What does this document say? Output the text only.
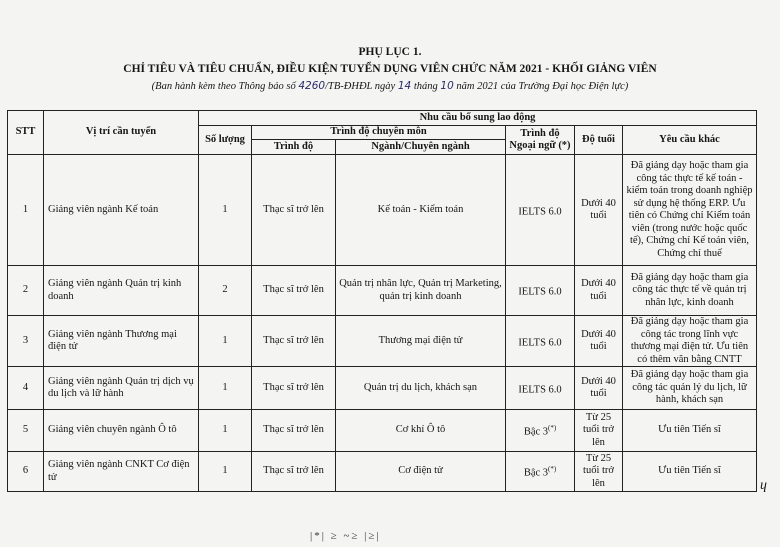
PHỤ LỤC 1.
CHỈ TIÊU VÀ TIÊU CHUẨN, ĐIỀU KIỆN TUYỂN DỤNG VIÊN CHỨC NĂM 2021 - KHỐI GIẢNG VIÊN
(Ban hành kèm theo Thông báo số 4260/TB-ĐHĐL ngày 14 tháng 10 năm 2021 của Trường Đại học Điện lực)
STT	Vị trí cần tuyển	Nhu cầu bổ sung lao động					
		Số lượng	Trình độ chuyên môn		Trình độ Ngoại ngữ (*)	Độ tuổi	Yêu cầu khác
			Trình độ	Ngành/Chuyên ngành			
1	Giảng viên ngành Kế toán	1	Thạc sĩ trở lên	Kế toán - Kiểm toán	IELTS 6.0	Dưới 40 tuổi	Đã giảng dạy hoặc tham gia công tác thực tế kế toán - kiểm toán trong doanh nghiệp sử dụng hệ thống ERP. Ưu tiên có Chứng chỉ Kiểm toán viên (trong nước hoặc quốc tế), Chứng chỉ Kế toán viên, Chứng chỉ thuế
2	Giảng viên ngành Quản trị kinh doanh	2	Thạc sĩ trở lên	Quản trị nhân lực, Quản trị Marketing, quản trị kinh doanh	IELTS 6.0	Dưới 40 tuổi	Đã giảng dạy hoặc tham gia công tác thực tế về quản trị nhân lực, kinh doanh
3	Giảng viên ngành Thương mại điện tử	1	Thạc sĩ trở lên	Thương mại điện tử	IELTS 6.0	Dưới 40 tuổi	Đã giảng dạy hoặc tham gia công tác trong lĩnh vực thương mại điện tử. Ưu tiên có thêm văn bằng CNTT
4	Giảng viên ngành Quản trị dịch vụ du lịch và lữ hành	1	Thạc sĩ trở lên	Quản trị du lịch, khách sạn	IELTS 6.0	Dưới 40 tuổi	Đã giảng dạy hoặc tham gia công tác quản lý du lịch, lữ hành, khách sạn
5	Giảng viên chuyên ngành Ô tô	1	Thạc sĩ trở lên	Cơ khí Ô tô	Bậc 3(*)	Từ 25 tuổi trở lên	Ưu tiên Tiến sĩ
6	Giảng viên ngành CNKT Cơ điện tử	1	Thạc sĩ trở lên	Cơ điện tử	Bậc 3(*)	Từ 25 tuổi trở lên	Ưu tiên Tiến sĩ
ɥ
|*| ≥ ~≥ |≥|
